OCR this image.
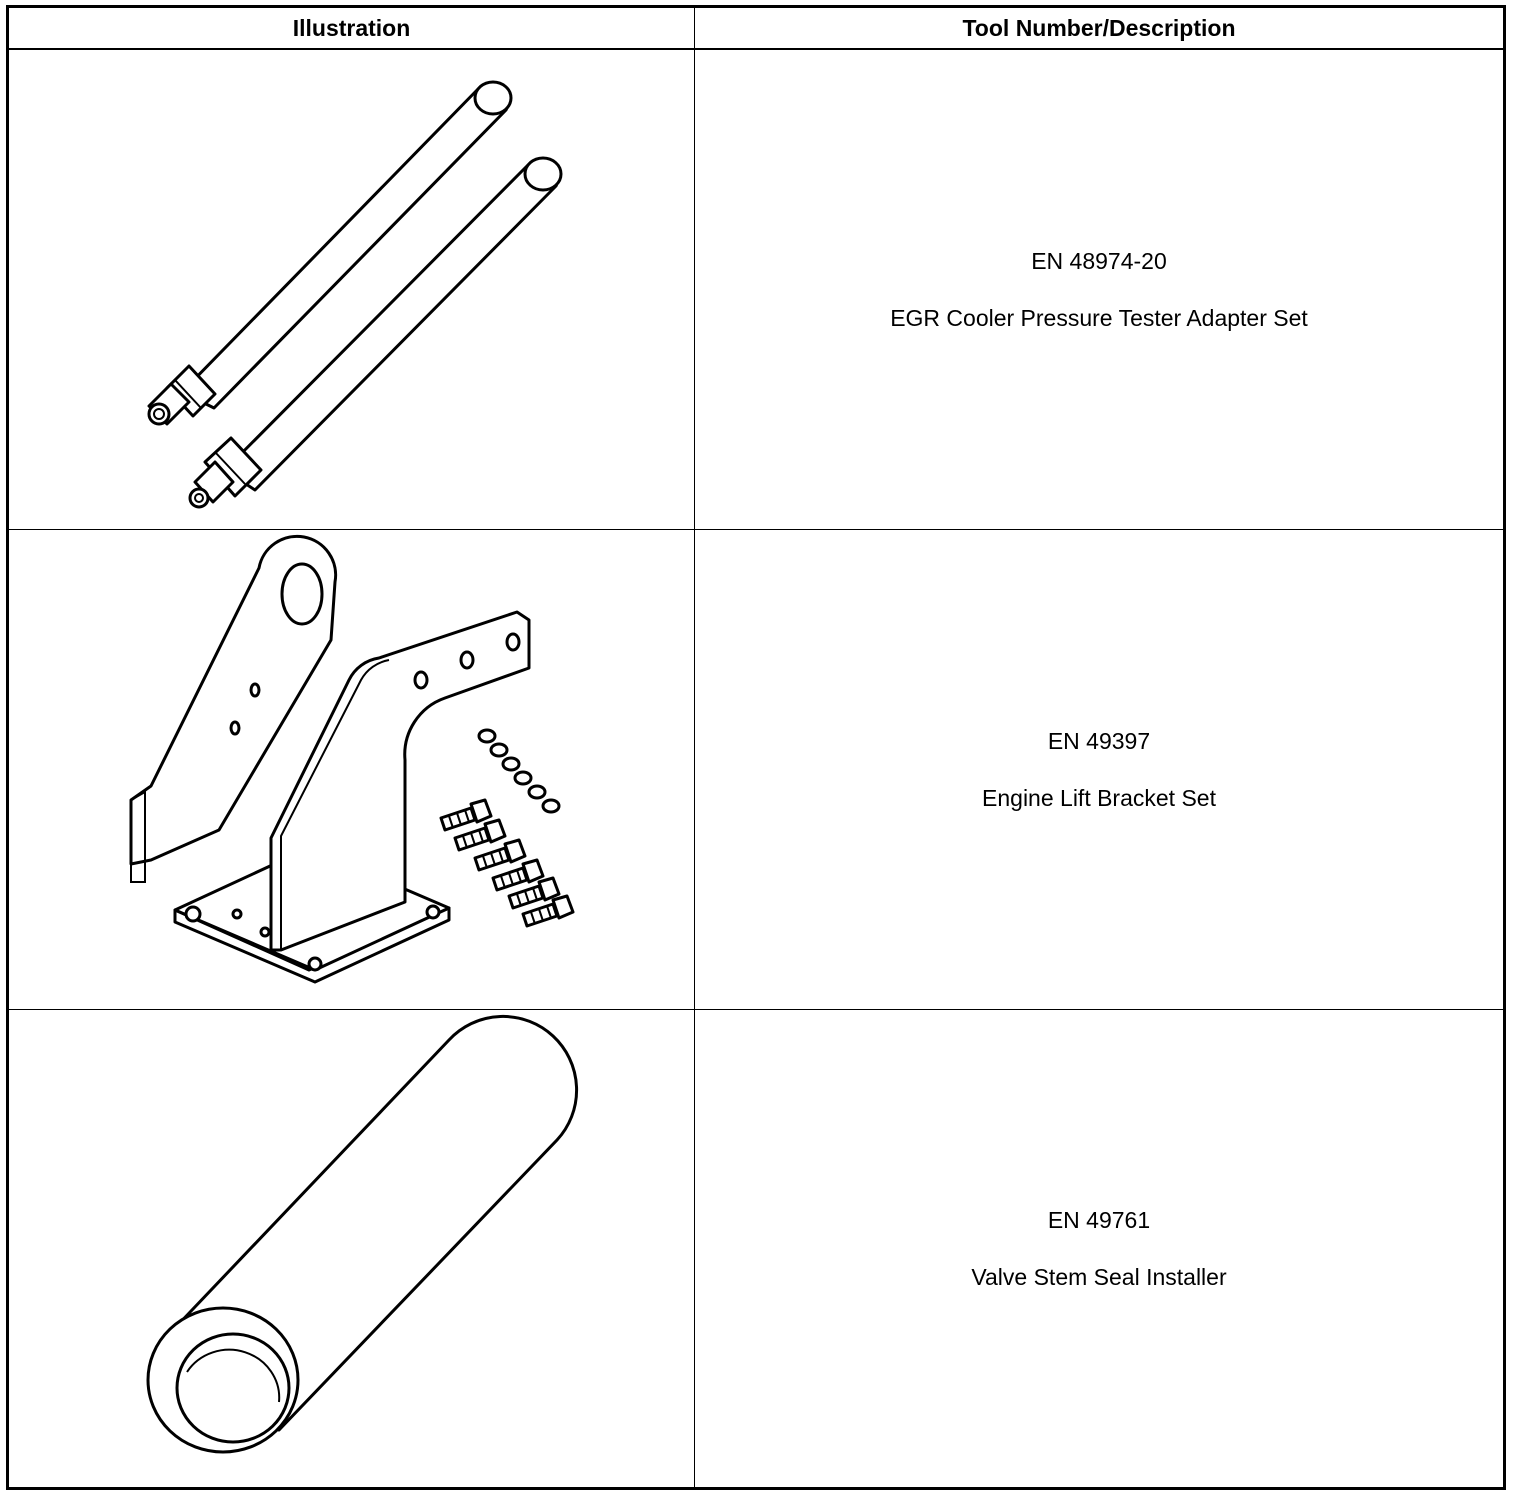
Illustration	Tool Number/Description
EN 48974-20
EGR Cooler Pressure Tester Adapter Set
EN 49397
Engine Lift Bracket Set
EN 49761
Valve Stem Seal Installer
